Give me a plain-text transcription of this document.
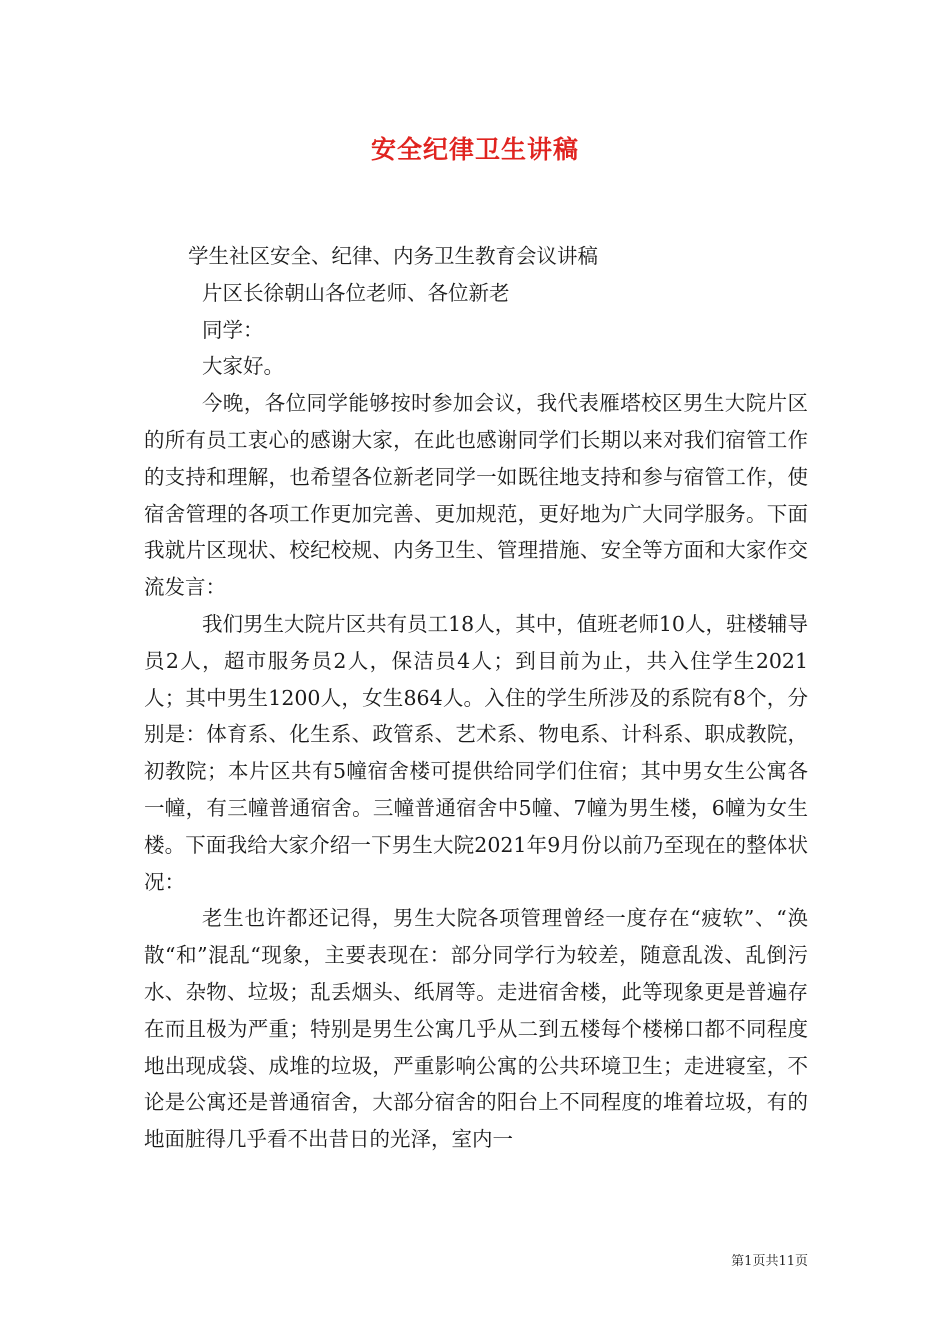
安全纪律卫生讲稿
学生社区安全、纪律、内务卫生教育会议讲稿
片区长徐朝山各位老师、各位新老
同学：
大家好。

今晚，各位同学能够按时参加会议，我代表雁塔校区男生大院片区的所有员工衷心的感谢大家，在此也感谢同学们长期以来对我们宿管工作的支持和理解，也希望各位新老同学一如既往地支持和参与宿管工作，使宿舍管理的各项工作更加完善、更加规范，更好地为广大同学服务。下面我就片区现状、校纪校规、内务卫生、管理措施、安全等方面和大家作交流发言：

我们男生大院片区共有员工18人，其中，值班老师10人，驻楼辅导员2人，超市服务员2人，保洁员4人；到目前为止，共入住学生2021人；其中男生1200人，女生864人。入住的学生所涉及的系院有8个，分别是：体育系、化生系、政管系、艺术系、物电系、计科系、职成教院，初教院；本片区共有5幢宿舍楼可提供给同学们住宿；其中男女生公寓各一幢，有三幢普通宿舍。三幢普通宿舍中5幢、7幢为男生楼，6幢为女生楼。下面我给大家介绍一下男生大院2021年9月份以前乃至现在的整体状况：

老生也许都还记得，男生大院各项管理曾经一度存在“疲软”、“涣散“和”混乱“现象，主要表现在：部分同学行为较差，随意乱泼、乱倒污水、杂物、垃圾；乱丢烟头、纸屑等。走进宿舍楼，此等现象更是普遍存在而且极为严重；特别是男生公寓几乎从二到五楼每个楼梯口都不同程度地出现成袋、成堆的垃圾，严重影响公寓的公共环境卫生；走进寝室，不论是公寓还是普通宿舍，大部分宿舍的阳台上不同程度的堆着垃圾，有的地面脏得几乎看不出昔日的光泽，室内一

第1页共11页
